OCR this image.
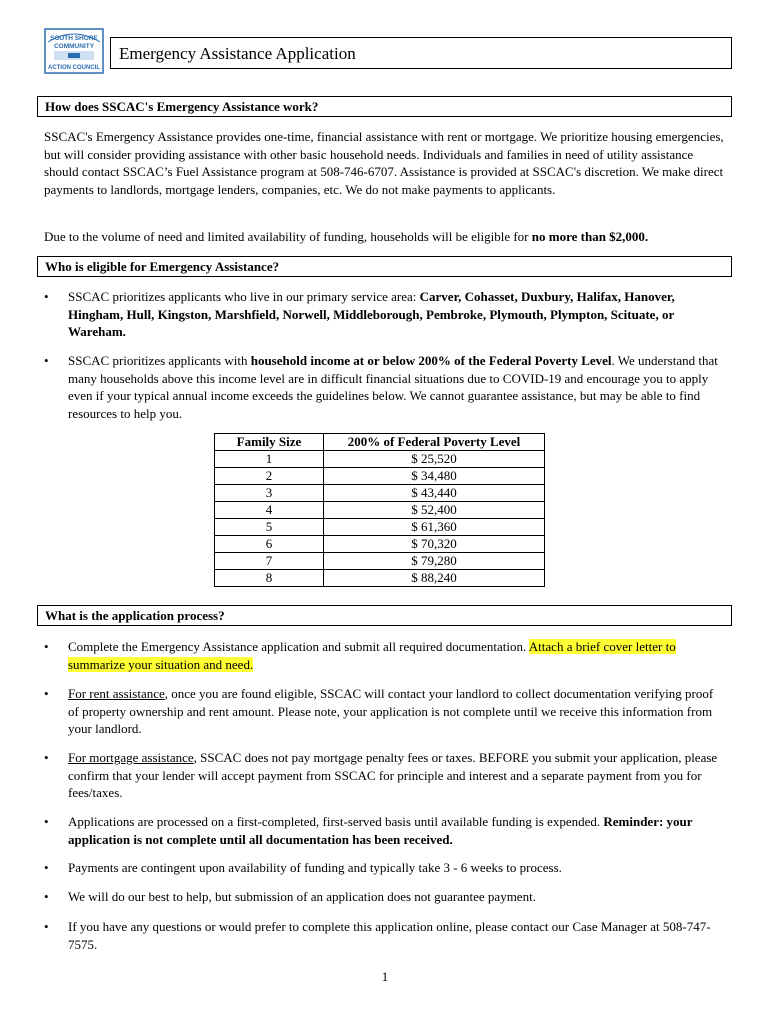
SOUTH SHORE
COMMUNITY
ACTION COUNCIL
Emergency Assistance Application
How does SSCAC's Emergency Assistance work?

SSCAC's Emergency Assistance provides one-time, financial assistance with rent or mortgage. We prioritize housing emergencies, but will consider providing assistance with other basic household needs. Individuals and families in need of utility assistance should contact SSCAC’s Fuel Assistance program at 508-746-6707. Assistance is provided at SSCAC's discretion. We make direct payments to landlords, mortgage lenders, companies, etc. We do not make payments to applicants.

Due to the volume of need and limited availability of funding, households will be eligible for no more than $2,000.

Who is eligible for Emergency Assistance?
• SSCAC prioritizes applicants who live in our primary service area: Carver, Cohasset, Duxbury, Halifax, Hanover, Hingham, Hull, Kingston, Marshfield, Norwell, Middleborough, Pembroke, Plymouth, Plympton, Scituate, or Wareham.
• SSCAC prioritizes applicants with household income at or below 200% of the Federal Poverty Level. We understand that many households above this income level are in difficult financial situations due to COVID-19 and encourage you to apply even if your typical annual income exceeds the guidelines below. We cannot guarantee assistance, but may be able to find resources to help you.
Family Size	200% of Federal Poverty Level
1	$ 25,520
2	$ 34,480
3	$ 43,440
4	$ 52,400
5	$ 61,360
6	$ 70,320
7	$ 79,280
8	$ 88,240
What is the application process?
• Complete the Emergency Assistance application and submit all required documentation. Attach a brief cover letter to summarize your situation and need.
• For rent assistance, once you are found eligible, SSCAC will contact your landlord to collect documentation verifying proof of property ownership and rent amount. Please note, your application is not complete until we receive this information from your landlord.
• For mortgage assistance, SSCAC does not pay mortgage penalty fees or taxes. BEFORE you submit your application, please confirm that your lender will accept payment from SSCAC for principle and interest and a separate payment from you for fees/taxes.
• Applications are processed on a first-completed, first-served basis until available funding is expended. Reminder: your application is not complete until all documentation has been received.
• Payments are contingent upon availability of funding and typically take 3 - 6 weeks to process.
• We will do our best to help, but submission of an application does not guarantee payment.
• If you have any questions or would prefer to complete this application online, please contact our Case Manager at 508-747-7575.
1
